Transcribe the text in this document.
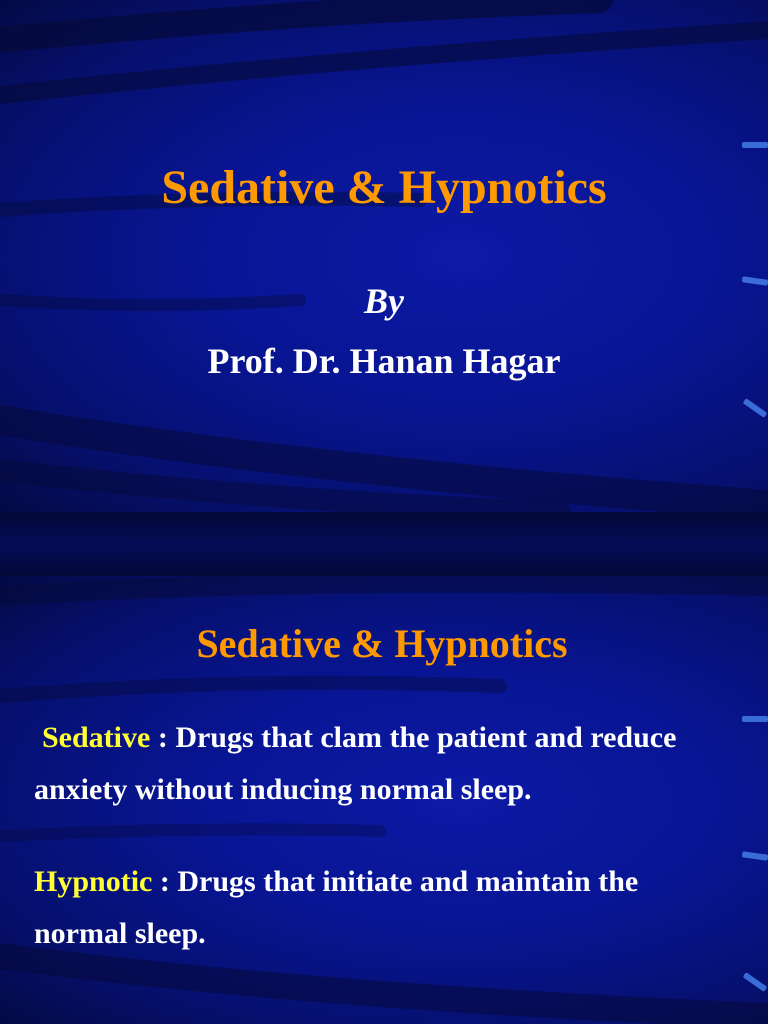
Sedative & Hypnotics
By
Prof. Dr. Hanan Hagar
Sedative & Hypnotics
Sedative : Drugs that clam the patient and reduce anxiety without inducing normal sleep.
Hypnotic : Drugs that initiate and maintain the normal sleep.
